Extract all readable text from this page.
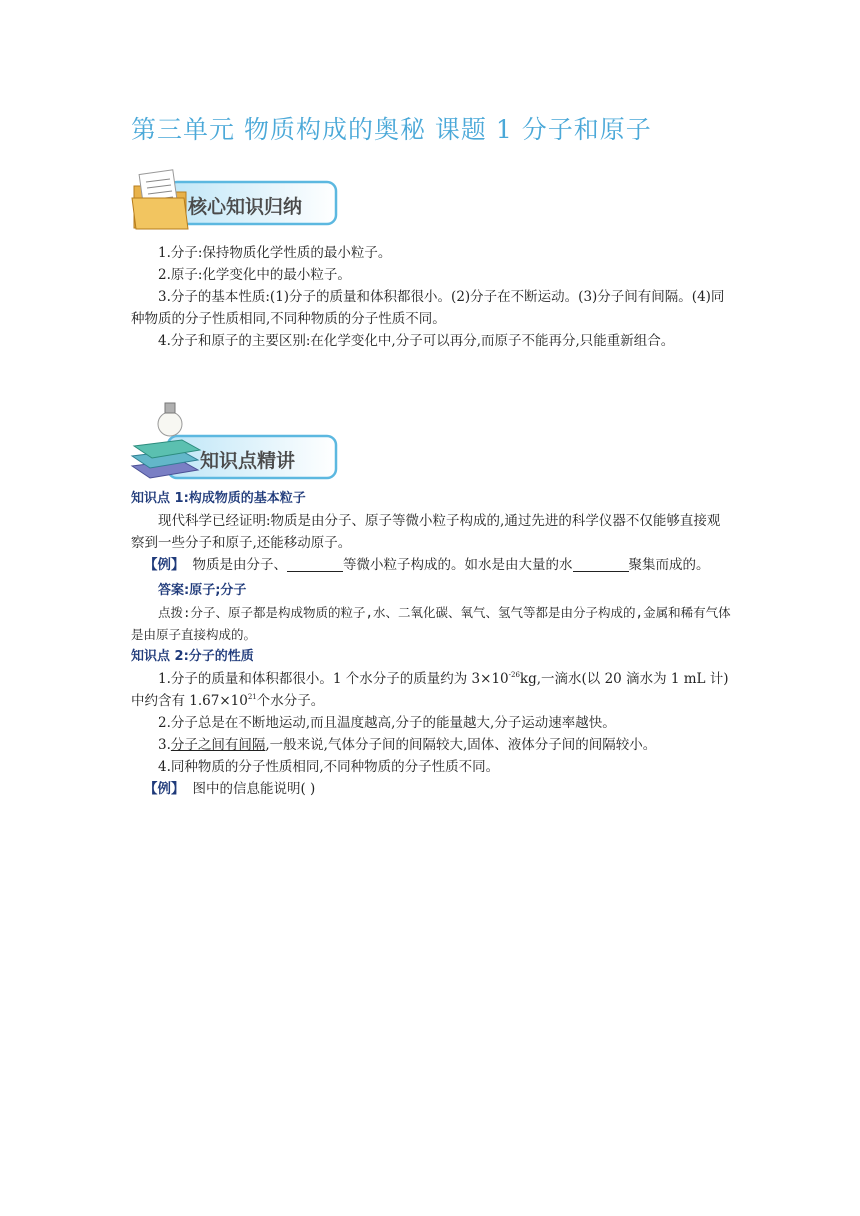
第三单元 物质构成的奥秘 课题 1 分子和原子
核心知识归纳

1.分子:保持物质化学性质的最小粒子。

2.原子:化学变化中的最小粒子。

3.分子的基本性质:(1)分子的质量和体积都很小。(2)分子在不断运动。(3)分子间有间隔。(4)同种物质的分子性质相同,不同种物质的分子性质不同。

4.分子和原子的主要区别:在化学变化中,分子可以再分,而原子不能再分,只能重新组合。

知识点精讲

知识点 1:构成物质的基本粒子

现代科学已经证明:物质是由分子、原子等微小粒子构成的,通过先进的科学仪器不仅能够直接观察到一些分子和原子,还能移动原子。

【例】 物质是由分子、	等微小粒子构成的。如水是由大量的水	聚集而成的。

答案:原子;分子

点拨:分子、原子都是构成物质的粒子,水、二氧化碳、氧气、氢气等都是由分子构成的,金属和稀有气体是由原子直接构成的。

知识点 2:分子的性质

1.分子的质量和体积都很小。1 个水分子的质量约为 $3\times 10^{-26}kg$,一滴水(以 20 滴水为 1 mL 计)中约含有 $1.67\times 10^{21}$个水分子。

2.分子总是在不断地运动,而且温度越高,分子的能量越大,分子运动速率越快。

3.分子之间有间隔,一般来说,气体分子间的间隔较大,固体、液体分子间的间隔较小。

4.同种物质的分子性质相同,不同种物质的分子性质不同。

【例】 图中的信息能说明( )
